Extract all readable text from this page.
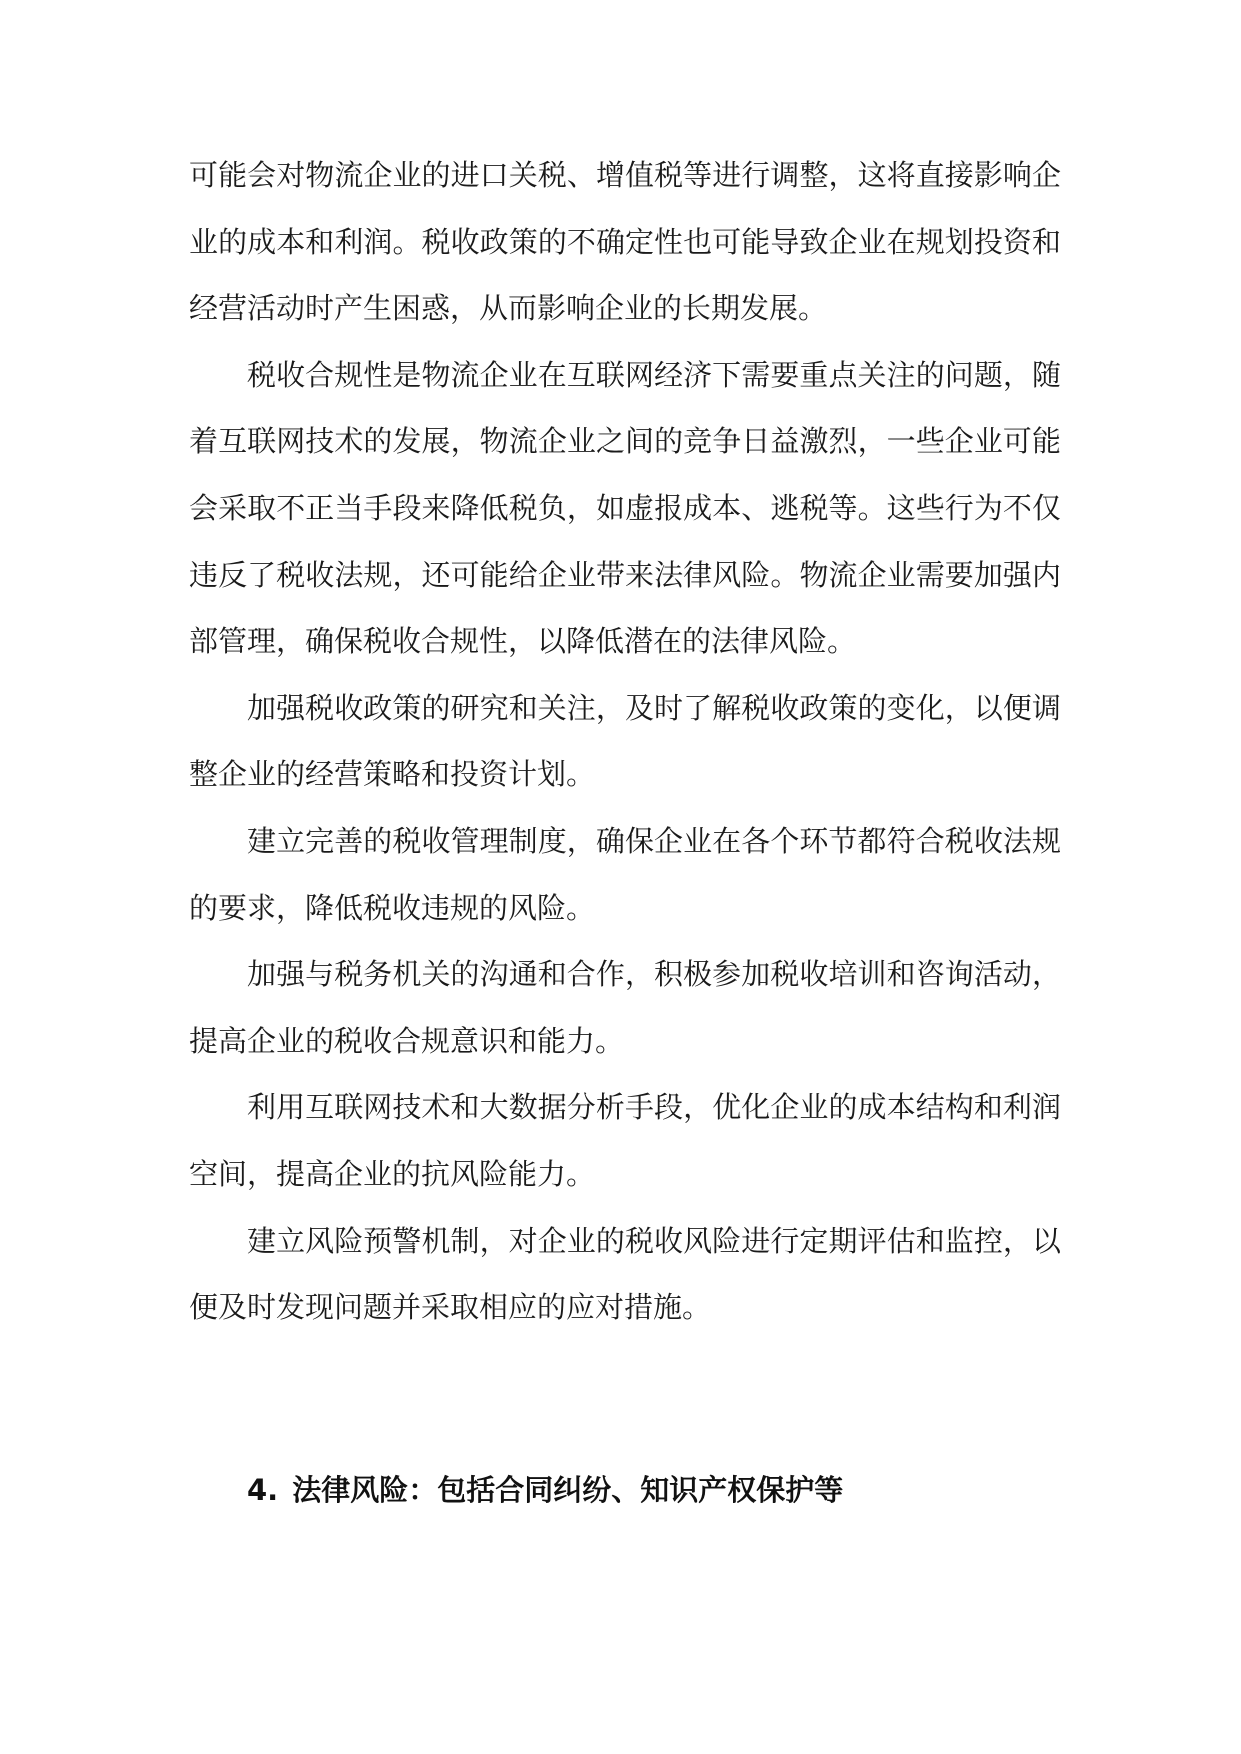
可能会对物流企业的进口关税、增值税等进行调整，这将直接影响企业的成本和利润。税收政策的不确定性也可能导致企业在规划投资和经营活动时产生困惑，从而影响企业的长期发展。

税收合规性是物流企业在互联网经济下需要重点关注的问题，随着互联网技术的发展，物流企业之间的竞争日益激烈，一些企业可能会采取不正当手段来降低税负，如虚报成本、逃税等。这些行为不仅违反了税收法规，还可能给企业带来法律风险。物流企业需要加强内部管理，确保税收合规性，以降低潜在的法律风险。

加强税收政策的研究和关注，及时了解税收政策的变化，以便调整企业的经营策略和投资计划。

建立完善的税收管理制度，确保企业在各个环节都符合税收法规的要求，降低税收违规的风险。

加强与税务机关的沟通和合作，积极参加税收培训和咨询活动，提高企业的税收合规意识和能力。

利用互联网技术和大数据分析手段，优化企业的成本结构和利润空间，提高企业的抗风险能力。

建立风险预警机制，对企业的税收风险进行定期评估和监控，以便及时发现问题并采取相应的应对措施。

4. 法律风险：包括合同纠纷、知识产权保护等
